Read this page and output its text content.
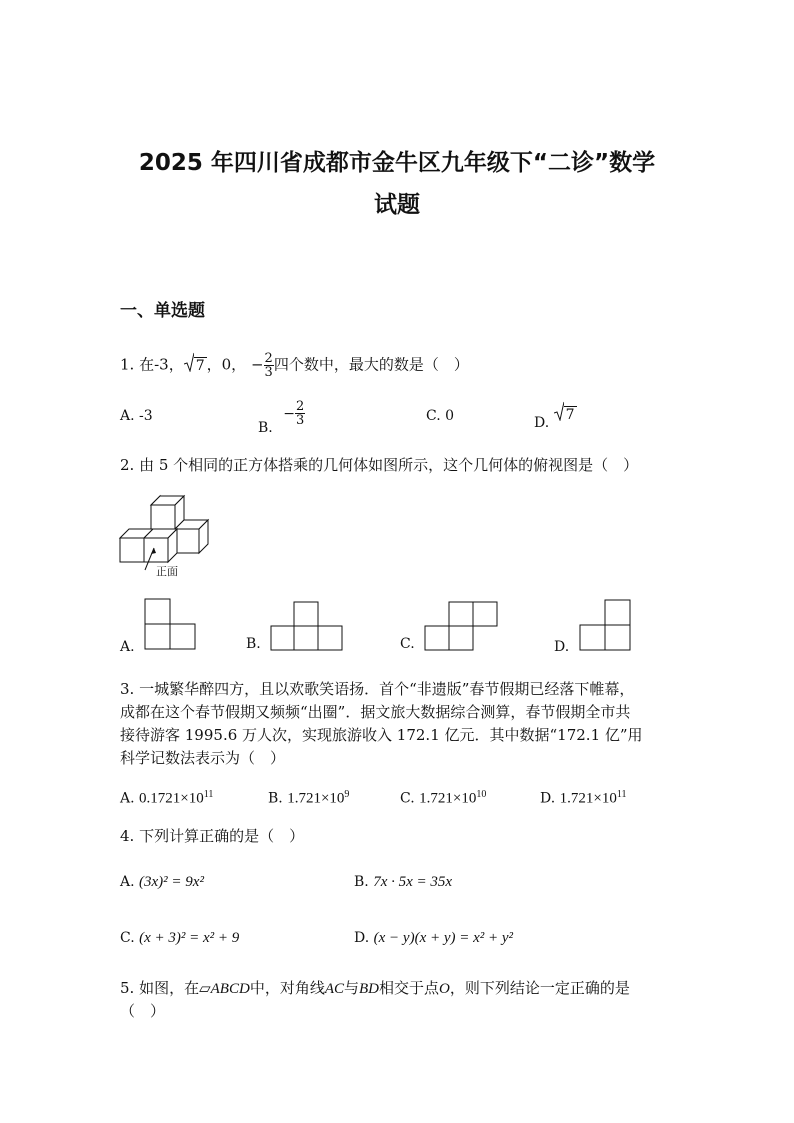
2025 年四川省成都市金牛区九年级下“二诊”数学
试题
一、单选题
1. 在-3， 7 ，0， − $\frac{2}{3}$ 四个数中，最大的数是（　）
A. -3
B. − $\frac{2}{3}$	C. 0	D. 7
2. 由 5 个相同的正方体搭乘的几何体如图所示，这个几何体的俯视图是（　）
正面
A.	B.	C.	D.
3. 一城繁华醉四方，且以欢歌笑语扬．首个“非遗版”春节假期已经落下帷幕，
成都在这个春节假期又频频“出圈”．据文旅大数据综合测算，春节假期全市共
接待游客 1995.6 万人次，实现旅游收入 172.1 亿元．其中数据“172.1 亿”用
科学记数法表示为（　）
A. $0.1721\times 10^{11}$	B. $1.721\times 10^9$	C. $1.721\times 10^{10}$	D. $1.721\times 10^{11}$
4. 下列计算正确的是（　）
A. (3x)² = 9x²	B. 7x · 5x = 35x
C. (x + 3)² = x² + 9	D. (x − y)(x + y) = x² + y²
5. 如图，在▱ABCD中，对角线AC与BD相交于点O，则下列结论一定正确的是
（　）
